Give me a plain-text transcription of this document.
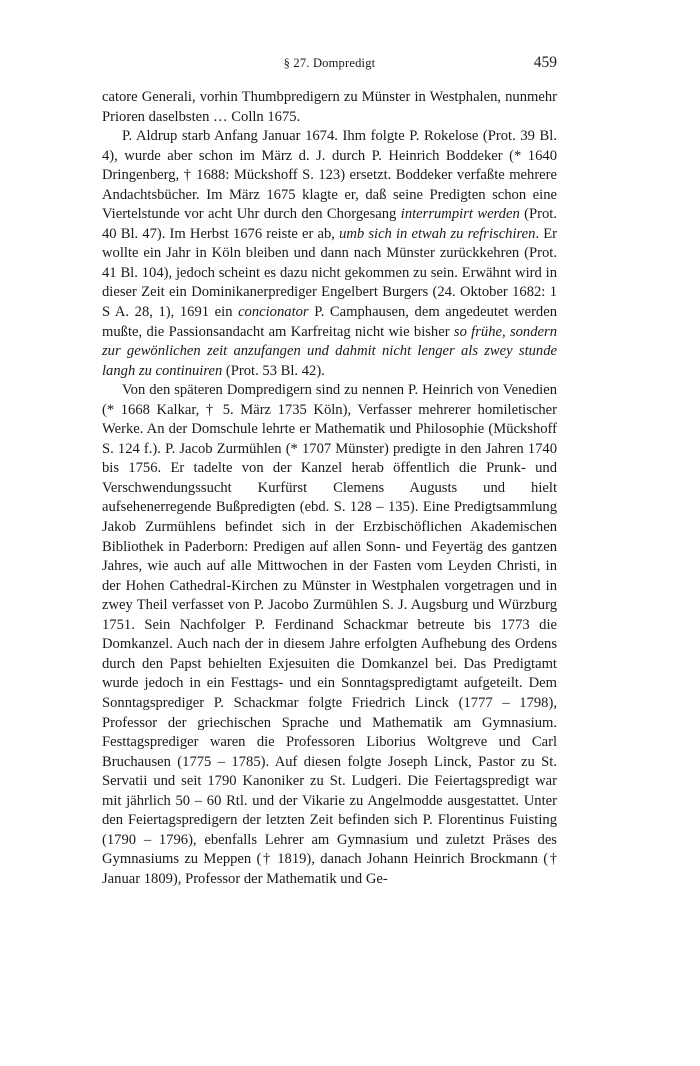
§ 27. Dompredigt	459

catore Generali, vorhin Thumbpredigern zu Münster in Westphalen, nunmehr Prioren daselbsten … Colln 1675.

P. Aldrup starb Anfang Januar 1674. Ihm folgte P. Rokelose (Prot. 39 Bl. 4), wurde aber schon im März d. J. durch P. Heinrich Boddeker (* 1640 Dringenberg, † 1688: Mückshoff S. 123) ersetzt. Boddeker verfaßte mehrere Andachtsbücher. Im März 1675 klagte er, daß seine Predigten schon eine Viertelstunde vor acht Uhr durch den Chorgesang interrumpirt werden (Prot. 40 Bl. 47). Im Herbst 1676 reiste er ab, umb sich in etwah zu refrischiren. Er wollte ein Jahr in Köln bleiben und dann nach Münster zurückkehren (Prot. 41 Bl. 104), jedoch scheint es dazu nicht gekommen zu sein. Erwähnt wird in dieser Zeit ein Dominikanerprediger Engelbert Burgers (24. Oktober 1682: 1 S A. 28, 1), 1691 ein concionator P. Camphausen, dem angedeutet werden mußte, die Passionsandacht am Karfreitag nicht wie bisher so frühe, sondern zur gewönlichen zeit anzufangen und dahmit nicht lenger als zwey stunde langh zu continuiren (Prot. 53 Bl. 42).

Von den späteren Dompredigern sind zu nennen P. Heinrich von Venedien (* 1668 Kalkar, † 5. März 1735 Köln), Verfasser mehrerer homiletischer Werke. An der Domschule lehrte er Mathematik und Philosophie (Mückshoff S. 124 f.). P. Jacob Zurmühlen (* 1707 Münster) predigte in den Jahren 1740 bis 1756. Er tadelte von der Kanzel herab öffentlich die Prunk- und Verschwendungssucht Kurfürst Clemens Augusts und hielt aufsehenerregende Bußpredigten (ebd. S. 128 – 135). Eine Predigtsammlung Jakob Zurmühlens befindet sich in der Erzbischöflichen Akademischen Bibliothek in Paderborn: Predigen auf allen Sonn- und Feyertäg des gantzen Jahres, wie auch auf alle Mittwochen in der Fasten vom Leyden Christi, in der Hohen Cathedral-Kirchen zu Münster in Westphalen vorgetragen und in zwey Theil verfasset von P. Jacobo Zurmühlen S. J. Augsburg und Würzburg 1751. Sein Nachfolger P. Ferdinand Schackmar betreute bis 1773 die Domkanzel. Auch nach der in diesem Jahre erfolgten Aufhebung des Ordens durch den Papst behielten Exjesuiten die Domkanzel bei. Das Predigtamt wurde jedoch in ein Festtags- und ein Sonntagspredigtamt aufgeteilt. Dem Sonntagsprediger P. Schackmar folgte Friedrich Linck (1777 – 1798), Professor der griechischen Sprache und Mathematik am Gymnasium. Festtagsprediger waren die Professoren Liborius Woltgreve und Carl Bruchausen (1775 – 1785). Auf diesen folgte Joseph Linck, Pastor zu St. Servatii und seit 1790 Kanoniker zu St. Ludgeri. Die Feiertagspredigt war mit jährlich 50 – 60 Rtl. und der Vikarie zu Angelmodde ausgestattet. Unter den Feiertagspredigern der letzten Zeit befinden sich P. Florentinus Fuisting (1790 – 1796), ebenfalls Lehrer am Gymnasium und zuletzt Präses des Gymnasiums zu Meppen († 1819), danach Johann Heinrich Brockmann († Januar 1809), Professor der Mathematik und Ge-
